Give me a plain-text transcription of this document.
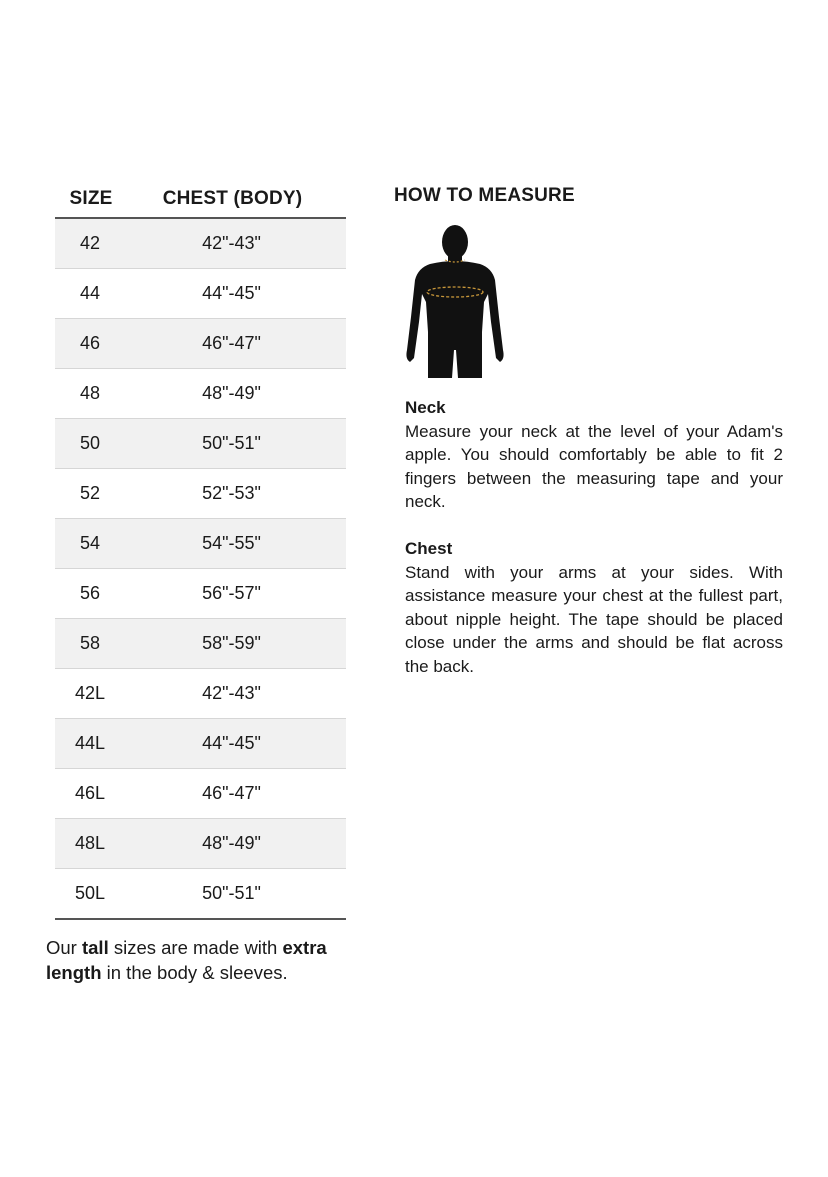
SIZE	CHEST (BODY)
42	42"-43"
44	44"-45"
46	46"-47"
48	48"-49"
50	50"-51"
52	52"-53"
54	54"-55"
56	56"-57"
58	58"-59"
42L	42"-43"
44L	44"-45"
46L	46"-47"
48L	48"-49"
50L	50"-51"
Our tall sizes are made with extra length in the body & sleeves.
HOW TO MEASURE
Neck
Measure your neck at the level of your Adam's apple. You should comfortably be able to fit 2 fingers between the measuring tape and your neck.
Chest
Stand with your arms at your sides. With assistance measure your chest at the fullest part, about nipple height. The tape should be placed close under the arms and should be flat across the back.
